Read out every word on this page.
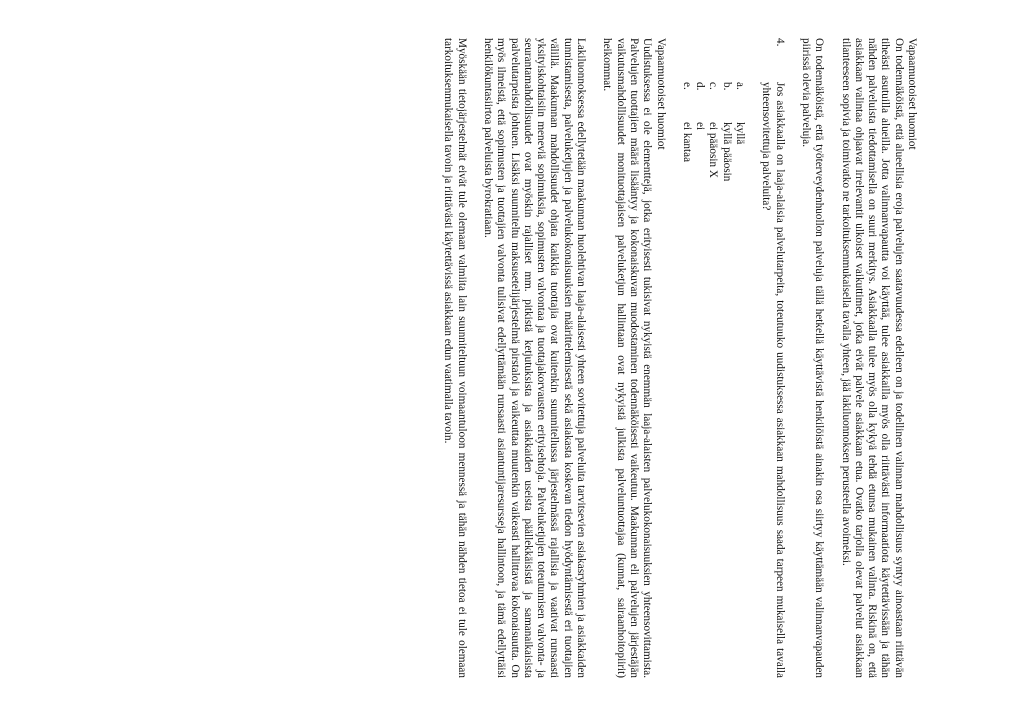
Vapaamuotoiset huomiot

On todennäköistä, että alueellisia eroja palvelujen saatavuudessa edelleen on ja todellinen valinnan mahdollisuus syntyy ainoastaan riittävän tiheästi asutuilla alueilla. Jotta valinnanvapautta voi käyttää, tulee asiakkailla myös olla riittävästi informaatiota käytettävissään ja tähän nähden palveluista tiedottamisella on suuri merkitys. Asiakkaalla tulee myös olla kykyä tehdä etunsa mukainen valinta. Riskinä on, että asiakkaan valintaa ohjaavat irrelevantit ulkoiset vaikuttimet, jotka eivät palvele asiakkaan etua. Ovatko tarjolla olevat palvelut asiakkaan tilanteeseen sopivia ja toimivatko ne tarkoituksenmukaisella tavalla yhteen, jää lakiluonnoksen perusteella avoimeksi.

On todennäköistä, että työterveydenhuollon palveluja tällä hetkellä käyttävistä henkilöistä ainakin osa siirtyy käyttämään valinnanvapauden piirissä olevia palveluja.

4.
Jos asiakkaalla on laaja-alaisia palvelutarpeita, toteutuuko uudistuksessa asiakkaan mahdollisuus saada tarpeen mukaisella tavalla yhteensovitettuja palveluita?
a.
kyllä
b.
kyllä pääosin
c.
ei pääosin X
d.
ei
e.
ei kantaa

Vapaamuotoiset huomiot

Uudistuksessa ei ole elementtejä, jotka erityisesti tukisivat nykyistä enemmän laaja-alaisten palvelukokonaisuuksien yhteensovittamista. Palvelujen tuottajien määrä lisääntyy ja kokonaiskuvan muodostaminen todennäköisesti vaikeutuu. Maakunnan eli palvelujen järjestäjän vaikutusmahdollisuudet monituottajaisen palveluketjun hallintaan ovat nykyistä julkista palveluntuottajaa (kunnat, sairaanhoitopiirit) heikommat.

Lakiluonnoksessa edellytetään maakunnan huolehtivan laaja-alaisesti yhteen sovitettuja palveluita tarvitsevien asiakasryhmien ja asiakkaiden tunnistamisesta, palveluketjujen ja palvelukokonaisuuksien määrittelemisestä sekä asiakasta koskevan tiedon hyödyntämisestä eri tuottajien välillä. Maakunnan mahdollisuudet ohjata kaikkia tuottajia ovat kuitenkin suunnitellussa järjestelmässä rajallisia ja vaativat runsaasti yksityiskohtaisiin meneviä sopimuksia, sopimusten valvontaa ja tuottajakorvausten erityisehtoja. Palveluketjujen toteutumisen valvonta- ja seurantamahdollisuudet ovat myöskin rajalliset mm. pitkistä ketjutuksista ja asiakkaiden useista päällekkäisistä ja samanaikaisista palvelutarpeista johtuen. Lisäksi suunniteltu maksusetelijärjestelmä pirstaloi ja vaikeuttaa muutenkin vaikeasti hallittavaa kokonaisuutta. On myös ilmeistä, että sopimusten ja tuottajien valvonta tulisivat edellyttämään runsaasti asiantuntijaresursseja hallintoon, ja tämä edellyttäisi henkilökuntasiirtoa palveluista byrokratiaan.

Myöskään tietojärjestelmät eivät tule olemaan valmiita lain suunniteltuun voimaantuloon mennessä ja tähän nähden tietoa ei tule olemaan tarkoituksenmukaisella tavoin ja riittävästi käytettävissä asiakkaan edun vaatimalla tavoin.
